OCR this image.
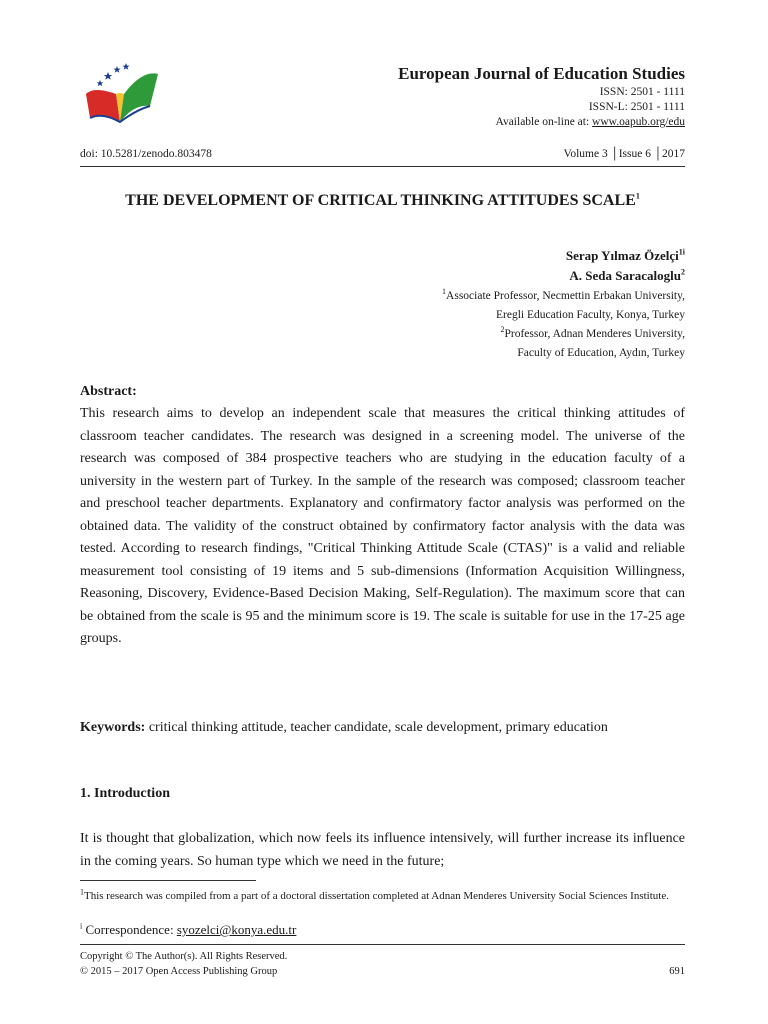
European Journal of Education Studies
ISSN: 2501 - 1111
ISSN-L: 2501 - 1111
Available on-line at: www.oapub.org/edu
doi: 10.5281/zenodo.803478	Volume 3 │Issue 6 │2017
THE DEVELOPMENT OF CRITICAL THINKING ATTITUDES SCALE$^1$
Serap Yılmaz Özelçi$^{1i}$
A. Seda Saracaloglu$^2$
$^1$Associate Professor, Necmettin Erbakan University,
Eregli Education Faculty, Konya, Turkey
$^2$Professor, Adnan Menderes University,
Faculty of Education, Aydın, Turkey
Abstract:
This research aims to develop an independent scale that measures the critical thinking attitudes of classroom teacher candidates. The research was designed in a screening model. The universe of the research was composed of 384 prospective teachers who are studying in the education faculty of a university in the western part of Turkey. In the sample of the research was composed; classroom teacher and preschool teacher departments. Explanatory and confirmatory factor analysis was performed on the obtained data. The validity of the construct obtained by confirmatory factor analysis with the data was tested. According to research findings, "Critical Thinking Attitude Scale (CTAS)" is a valid and reliable measurement tool consisting of 19 items and 5 sub-dimensions (Information Acquisition Willingness, Reasoning, Discovery, Evidence-Based Decision Making, Self-Regulation). The maximum score that can be obtained from the scale is 95 and the minimum score is 19. The scale is suitable for use in the 17-25 age groups.
Keywords: critical thinking attitude, teacher candidate, scale development, primary education
1. Introduction
It is thought that globalization, which now feels its influence intensively, will further increase its influence in the coming years. So human type which we need in the future;
$^1$This research was compiled from a part of a doctoral dissertation completed at Adnan Menderes University Social Sciences Institute.
$^i$ Correspondence: syozelci@konya.edu.tr
Copyright © The Author(s). All Rights Reserved.
© 2015 – 2017 Open Access Publishing Group	691
